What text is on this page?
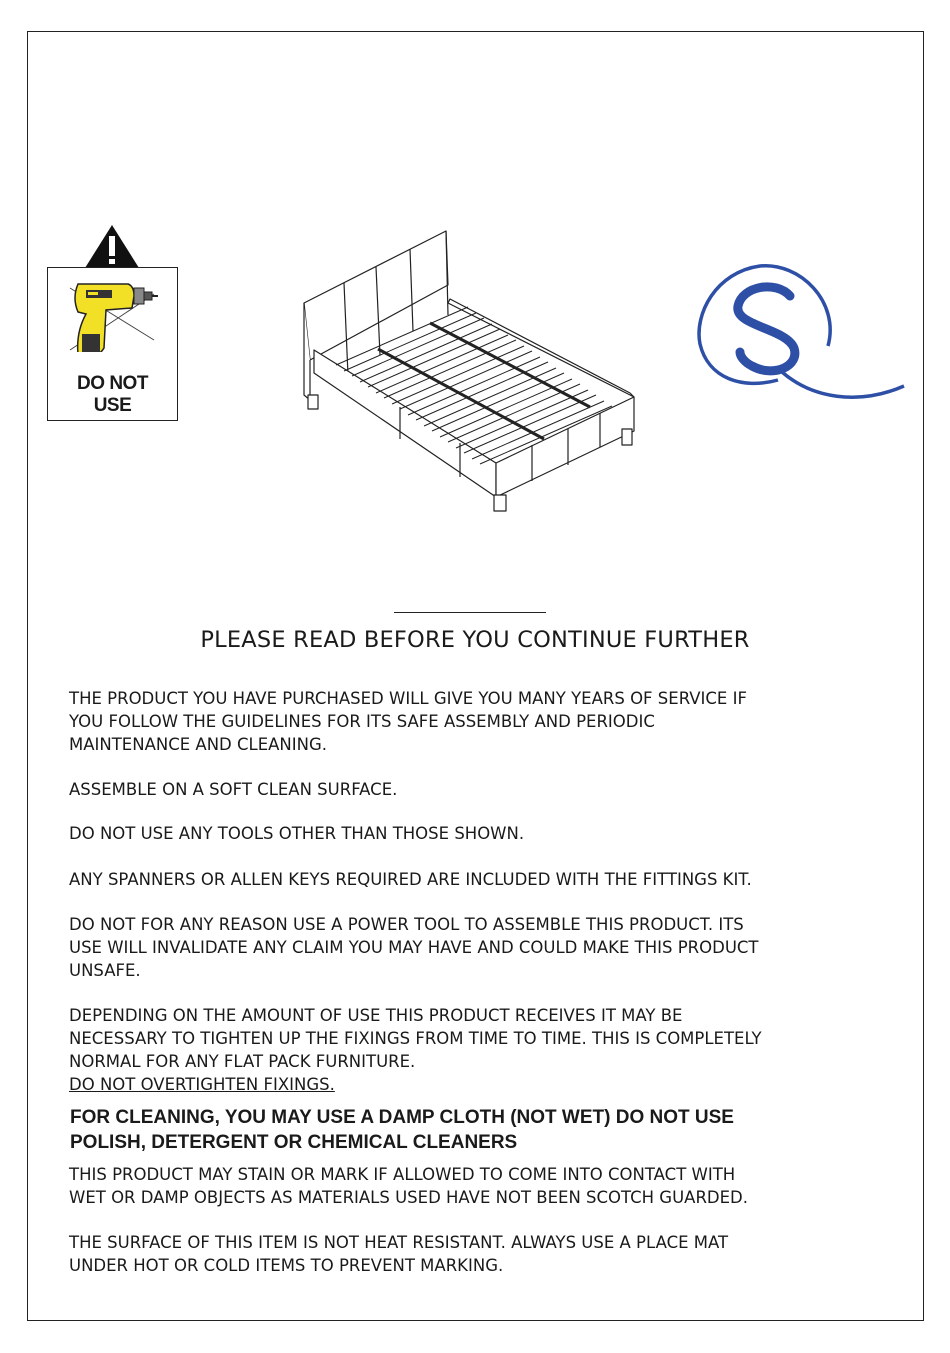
DO NOT
USE
PLEASE READ BEFORE YOU CONTINUE FURTHER
THE PRODUCT YOU HAVE PURCHASED WILL GIVE YOU MANY YEARS OF SERVICE IF
YOU FOLLOW THE GUIDELINES FOR ITS SAFE ASSEMBLY AND PERIODIC
MAINTENANCE AND CLEANING.
ASSEMBLE ON A SOFT CLEAN SURFACE.
DO NOT USE ANY TOOLS OTHER THAN THOSE SHOWN.
ANY SPANNERS OR ALLEN KEYS REQUIRED ARE INCLUDED WITH THE FITTINGS KIT.
DO NOT FOR ANY REASON USE A POWER TOOL TO ASSEMBLE THIS PRODUCT. ITS
USE WILL INVALIDATE ANY CLAIM YOU MAY HAVE AND COULD MAKE THIS PRODUCT
UNSAFE.
DEPENDING ON THE AMOUNT OF USE THIS PRODUCT RECEIVES IT MAY BE
NECESSARY TO TIGHTEN UP THE FIXINGS FROM TIME TO TIME. THIS IS COMPLETELY
NORMAL FOR ANY FLAT PACK FURNITURE.
DO NOT OVERTIGHTEN FIXINGS.
FOR CLEANING, YOU MAY USE A DAMP CLOTH (NOT WET) DO NOT USE
POLISH, DETERGENT OR CHEMICAL CLEANERS
THIS PRODUCT MAY STAIN OR MARK IF ALLOWED TO COME INTO CONTACT WITH
WET OR DAMP OBJECTS AS MATERIALS USED HAVE NOT BEEN SCOTCH GUARDED.
THE SURFACE OF THIS ITEM IS NOT HEAT RESISTANT. ALWAYS USE A PLACE MAT
UNDER HOT OR COLD ITEMS TO PREVENT MARKING.
